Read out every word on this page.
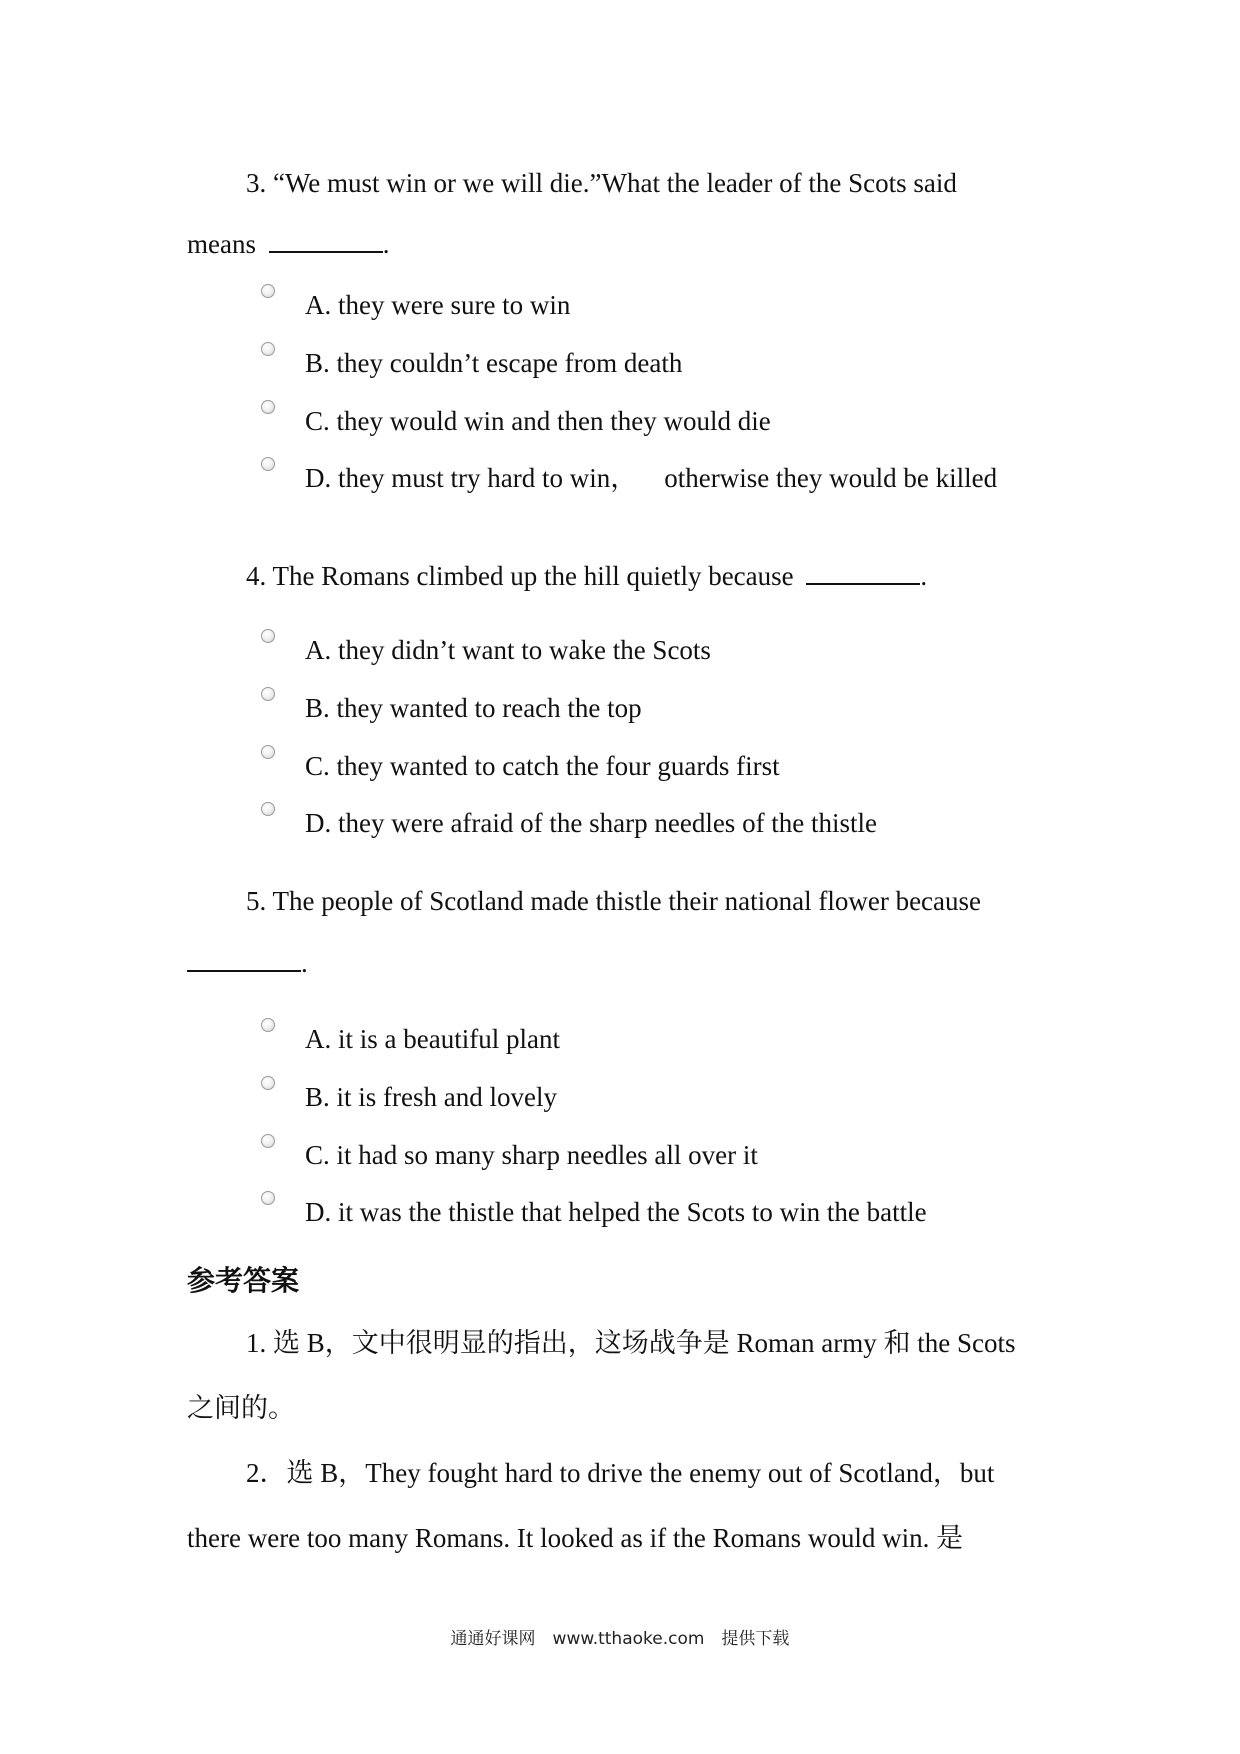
3. “We must win or we will die.”What the leader of the Scots said
means	.
A. they were sure to win
B. they couldn’t escape from death
C. they would win and then they would die
D. they must try hard to win，    otherwise they would be killed
4. The Romans climbed up the hill quietly because	.
A. they didn’t want to wake the Scots
B. they wanted to reach the top
C. they wanted to catch the four guards first
D. they were afraid of the sharp needles of the thistle
5. The people of Scotland made thistle their national flower because
.
A. it is a beautiful plant
B. it is fresh and lovely
C. it had so many sharp needles all over it
D. it was the thistle that helped the Scots to win the battle
参考答案
1. 选 B，文中很明显的指出，这场战争是 Roman army 和 the Scots
之间的。
2．选 B，They fought hard to drive the enemy out of Scotland，but
there were too many Romans. It looked as if the Romans would win. 是
通通好课网　www.tthaoke.com　提供下载
